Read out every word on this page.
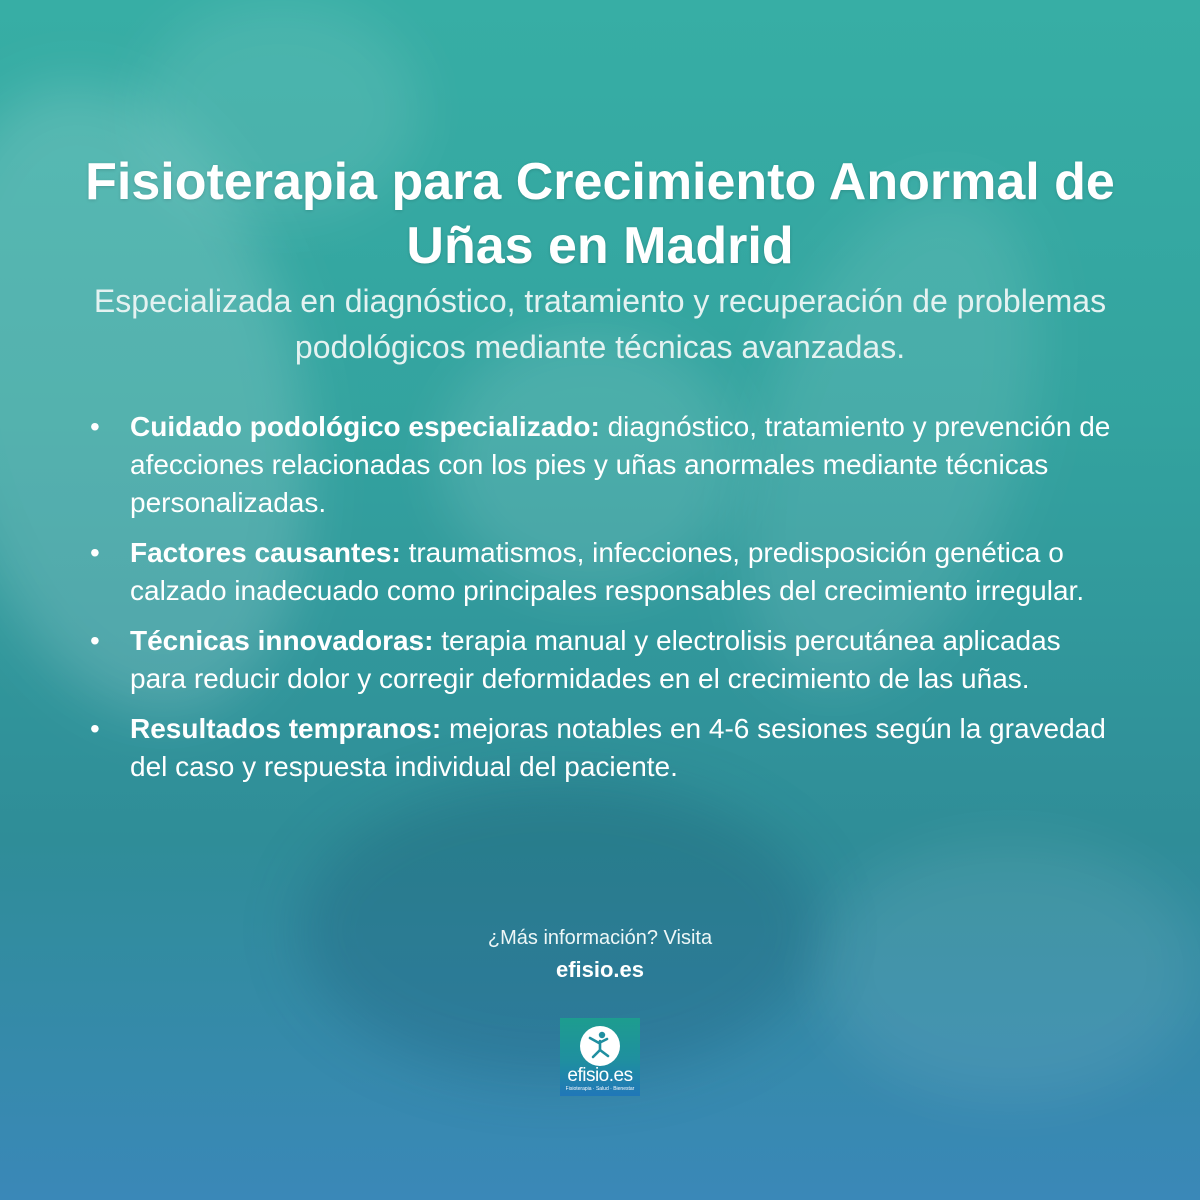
Fisioterapia para Crecimiento Anormal de Uñas en Madrid

Especializada en diagnóstico, tratamiento y recuperación de problemas podológicos mediante técnicas avanzadas.

• Cuidado podológico especializado: diagnóstico, tratamiento y prevención de afecciones relacionadas con los pies y uñas anormales mediante técnicas personalizadas.
• Factores causantes: traumatismos, infecciones, predisposición genética o calzado inadecuado como principales responsables del crecimiento irregular.
• Técnicas innovadoras: terapia manual y electrolisis percutánea aplicadas para reducir dolor y corregir deformidades en el crecimiento de las uñas.
• Resultados tempranos: mejoras notables en 4-6 sesiones según la gravedad del caso y respuesta individual del paciente.
¿Más información? Visita
efisio.es
efisio.es
Fisioterapia · Salud · Bienestar
